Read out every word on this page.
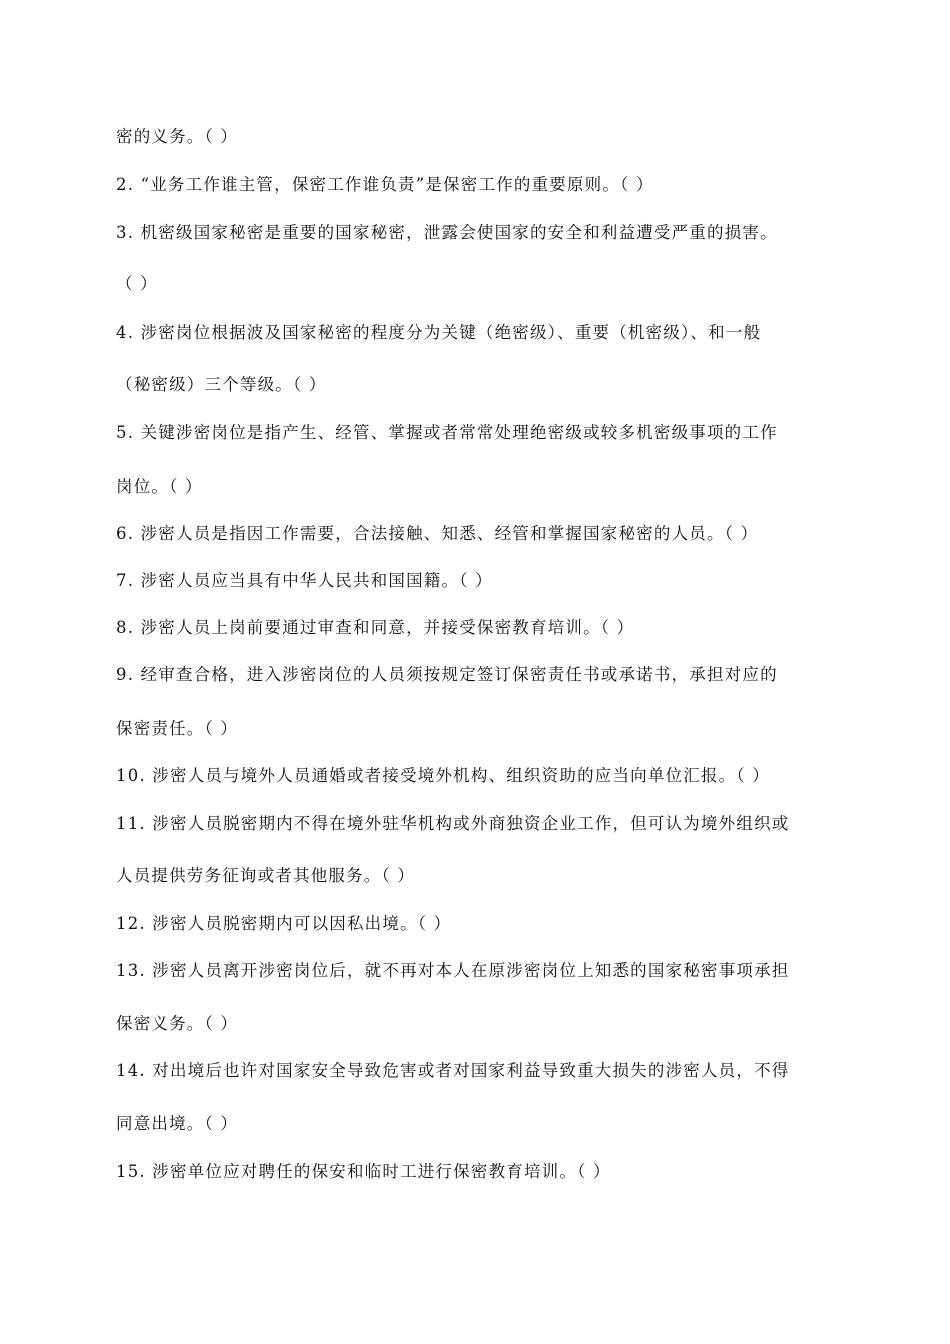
密的义务。（ ）
2. “业务工作谁主管，保密工作谁负责”是保密工作的重要原则。（ ）
3. 机密级国家秘密是重要的国家秘密，泄露会使国家的安全和利益遭受严重的损害。
（ ）
4. 涉密岗位根据波及国家秘密的程度分为关键（绝密级）、重要（机密级）、和一般
（秘密级）三个等级。（ ）
5. 关键涉密岗位是指产生、经管、掌握或者常常处理绝密级或较多机密级事项的工作
岗位。（ ）
6. 涉密人员是指因工作需要，合法接触、知悉、经管和掌握国家秘密的人员。（ ）
7. 涉密人员应当具有中华人民共和国国籍。（ ）
8. 涉密人员上岗前要通过审查和同意，并接受保密教育培训。（ ）
9. 经审查合格，进入涉密岗位的人员须按规定签订保密责任书或承诺书，承担对应的
保密责任。（ ）
10. 涉密人员与境外人员通婚或者接受境外机构、组织资助的应当向单位汇报。（ ）
11. 涉密人员脱密期内不得在境外驻华机构或外商独资企业工作，但可认为境外组织或
人员提供劳务征询或者其他服务。（ ）
12. 涉密人员脱密期内可以因私出境。（ ）
13. 涉密人员离开涉密岗位后，就不再对本人在原涉密岗位上知悉的国家秘密事项承担
保密义务。（ ）
14. 对出境后也许对国家安全导致危害或者对国家利益导致重大损失的涉密人员，不得
同意出境。（ ）
15. 涉密单位应对聘任的保安和临时工进行保密教育培训。（ ）
